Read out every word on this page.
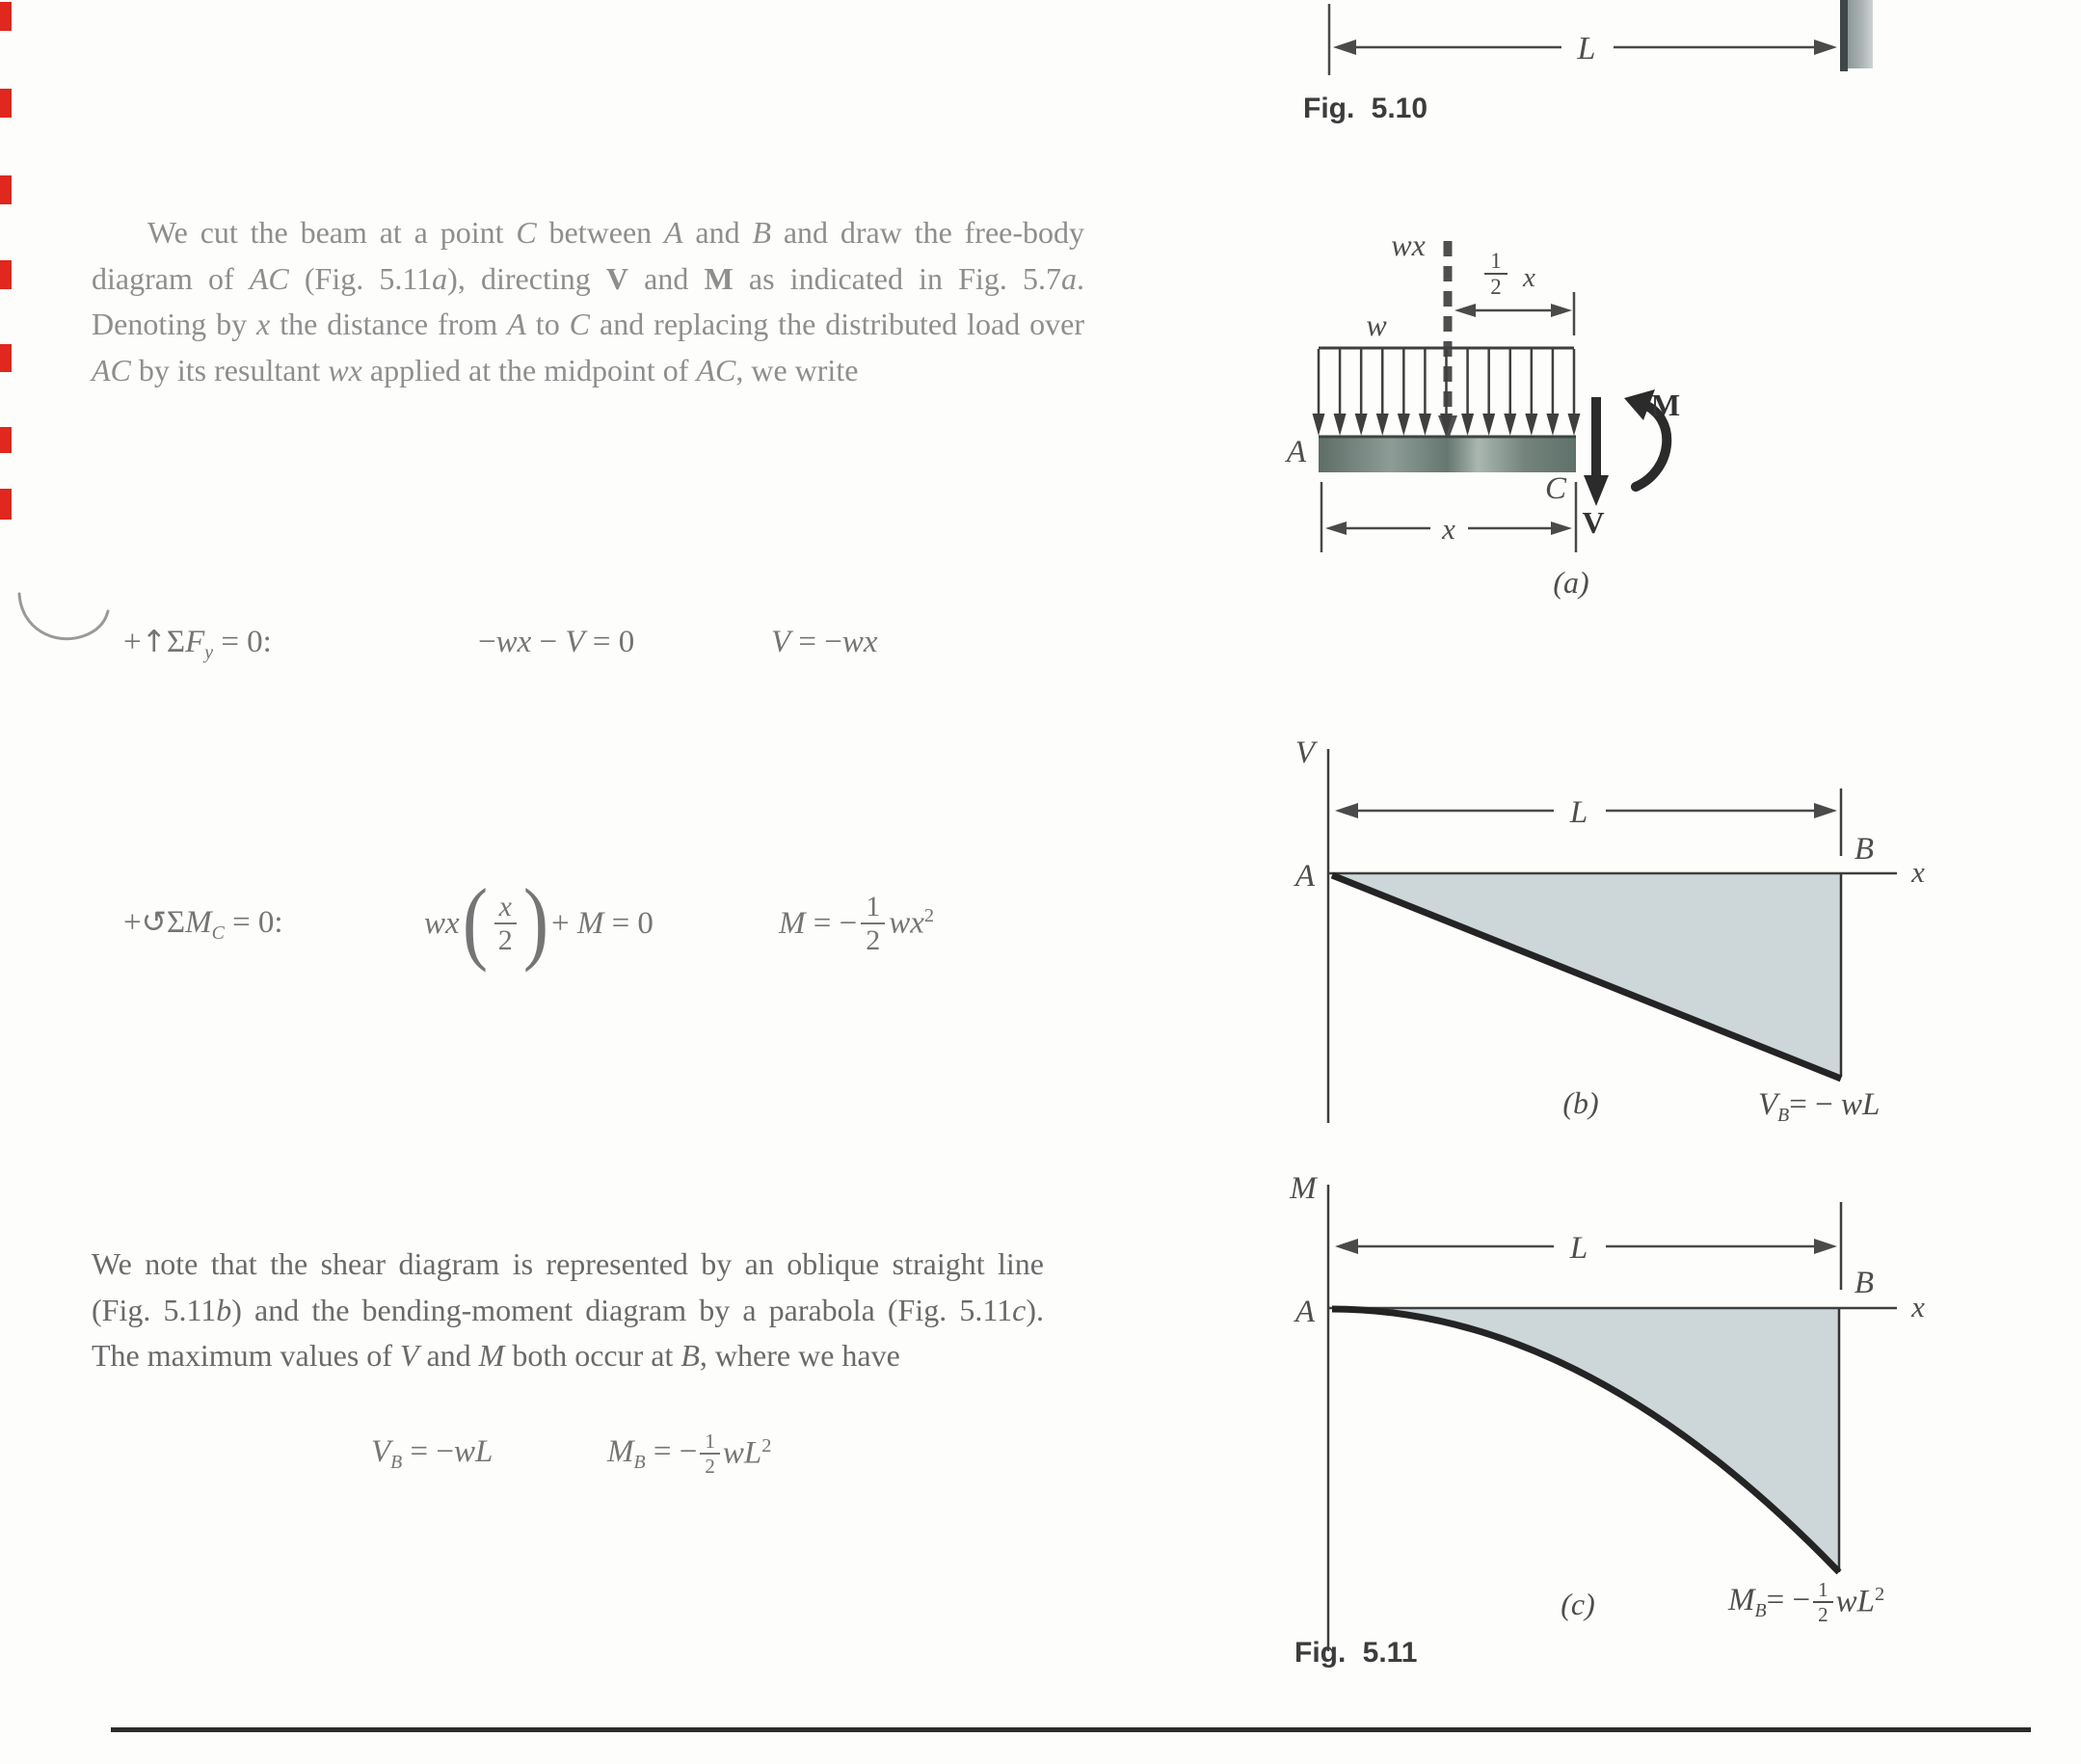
L
Fig. 5.10

We cut the beam at a point C between A and B and draw the free-body diagram of AC (Fig. 5.11a), directing V and M as indicated in Fig. 5.7a. Denoting by x the distance from A to C and replacing the distributed load over AC by its resultant wx applied at the midpoint of AC, we write

$+↑\Sigma F_y = 0$:	−wx − V = 0	V = −wx
$+↺\Sigma M_C = 0$:	wx ( $\frac{x}{2}$ ) + M = 0	M = − $\frac{1}{2} wx^2$

We note that the shear diagram is represented by an oblique straight line (Fig. 5.11b) and the bending-moment diagram by a parabola (Fig. 5.11c). The maximum values of V and M both occur at B, where we have

$V_B = -wL$	$M_B$ = − $\frac{1}{2} wL^2$
wx	1
2 x
w
A
C
V
M
x
(a)
V
L
A
B
x
(b)	$V_B=$ − wL
M
L
A
B
x
(c)	$M_B= - \frac{1}{2} wL^2$
Fig. 5.11
